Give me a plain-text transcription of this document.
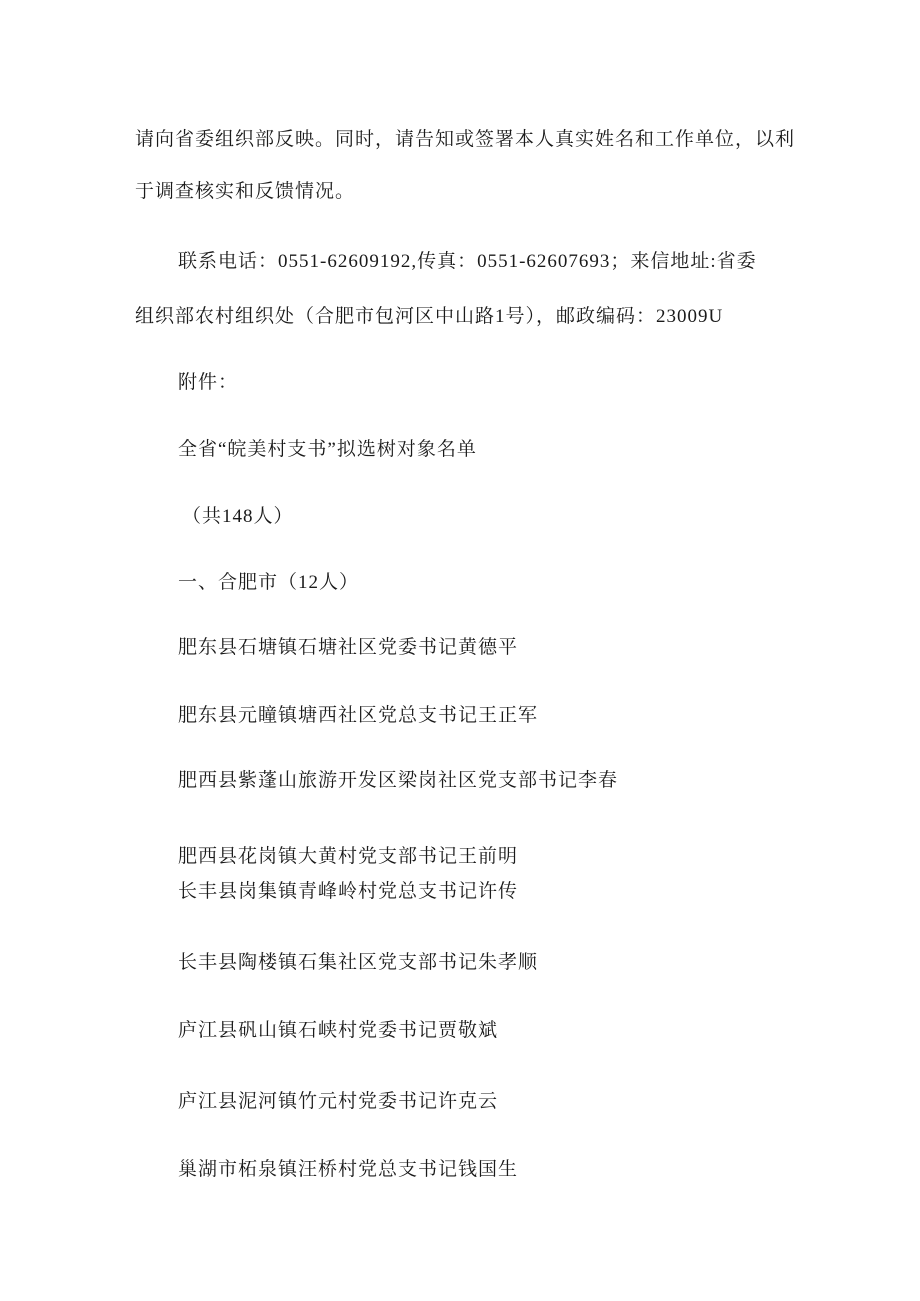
请向省委组织部反映。同时，请告知或签署本人真实姓名和工作单位，以利
于调查核实和反馈情况。
联系电话：0551-62609192,传真：0551-62607693；来信地址:省委
组织部农村组织处（合肥市包河区中山路1号），邮政编码：23009U
附件：
全省“皖美村支书”拟选树对象名单
（共148人）
一、合肥市（12人）
肥东县石塘镇石塘社区党委书记黄德平
肥东县元瞳镇塘西社区党总支书记王正军
肥西县紫蓬山旅游开发区梁岗社区党支部书记李春
肥西县花岗镇大黄村党支部书记王前明
长丰县岗集镇青峰岭村党总支书记许传
长丰县陶楼镇石集社区党支部书记朱孝顺
庐江县矾山镇石峡村党委书记贾敬斌
庐江县泥河镇竹元村党委书记许克云
巢湖市柘泉镇汪桥村党总支书记钱国生
